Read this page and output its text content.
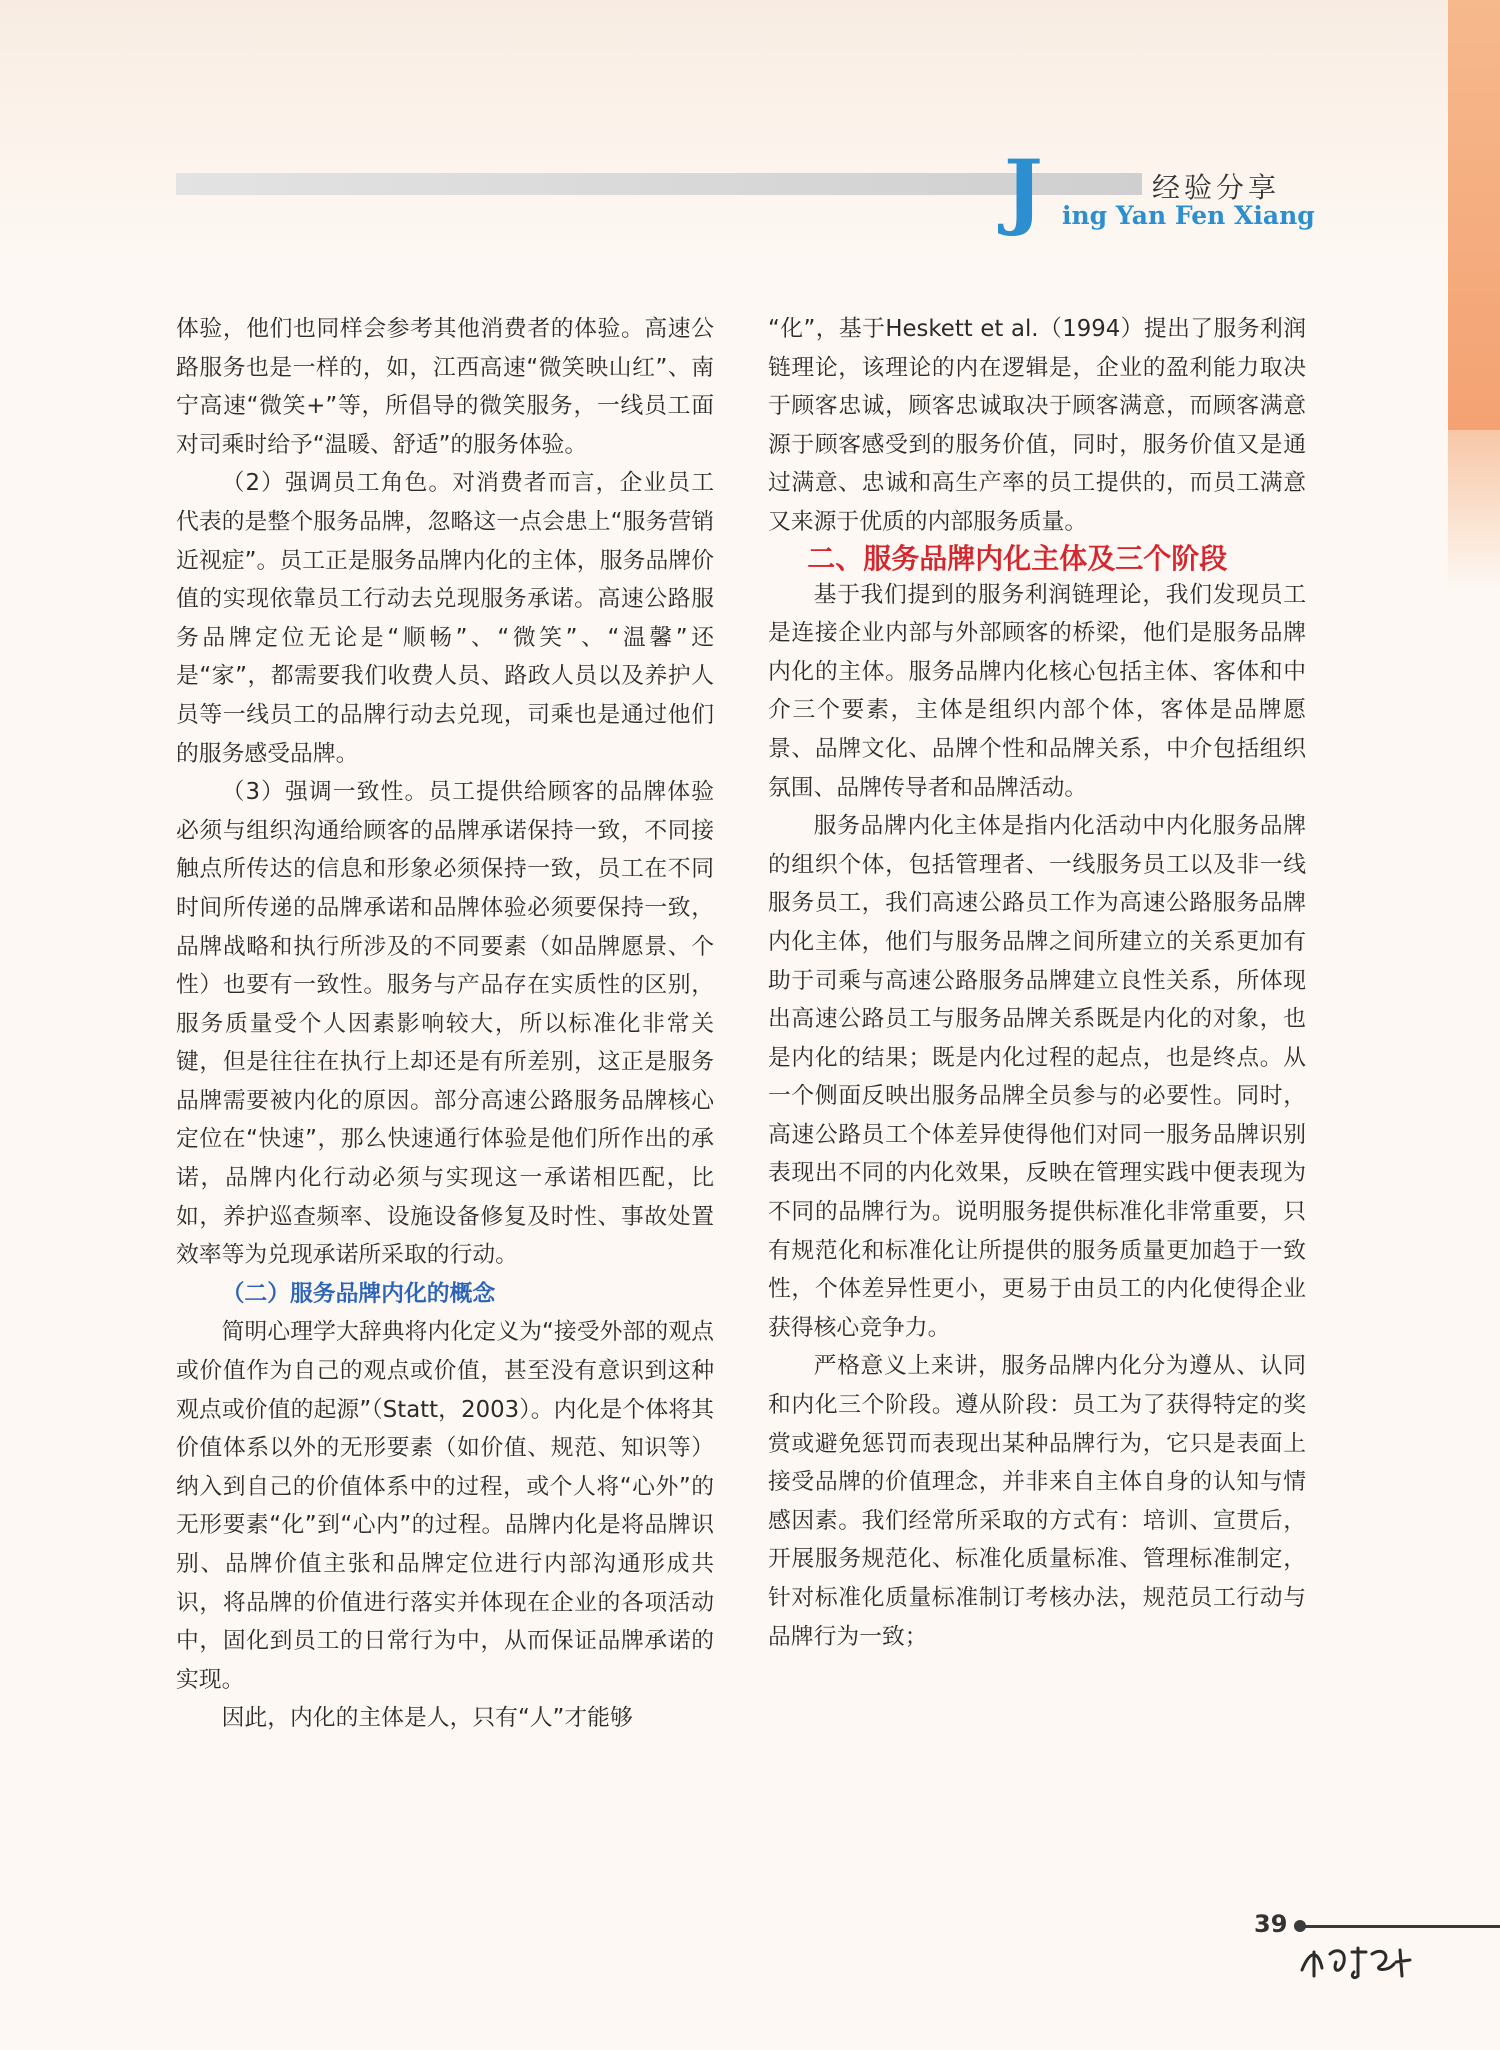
J	经验分享
ing Yan Fen Xiang

体验，他们也同样会参考其他消费者的体验。高速公路服务也是一样的，如，江西高速“微笑映山红”、南宁高速“微笑+”等，所倡导的微笑服务，一线员工面对司乘时给予“温暖、舒适”的服务体验。

（2）强调员工角色。对消费者而言，企业员工代表的是整个服务品牌，忽略这一点会患上“服务营销近视症”。员工正是服务品牌内化的主体，服务品牌价值的实现依靠员工行动去兑现服务承诺。高速公路服务品牌定位无论是“顺畅”、“微笑”、“温馨”还是“家”，都需要我们收费人员、路政人员以及养护人员等一线员工的品牌行动去兑现，司乘也是通过他们的服务感受品牌。

（3）强调一致性。员工提供给顾客的品牌体验必须与组织沟通给顾客的品牌承诺保持一致，不同接触点所传达的信息和形象必须保持一致，员工在不同时间所传递的品牌承诺和品牌体验必须要保持一致，品牌战略和执行所涉及的不同要素（如品牌愿景、个性）也要有一致性。服务与产品存在实质性的区别，服务质量受个人因素影响较大，所以标准化非常关键，但是往往在执行上却还是有所差别，这正是服务品牌需要被内化的原因。部分高速公路服务品牌核心定位在“快速”，那么快速通行体验是他们所作出的承诺，品牌内化行动必须与实现这一承诺相匹配，比如，养护巡查频率、设施设备修复及时性、事故处置效率等为兑现承诺所采取的行动。

（二）服务品牌内化的概念

简明心理学大辞典将内化定义为“接受外部的观点或价值作为自己的观点或价值，甚至没有意识到这种观点或价值的起源”（Statt，2003）。内化是个体将其价值体系以外的无形要素（如价值、规范、知识等）纳入到自己的价值体系中的过程，或个人将“心外”的无形要素“化”到“心内”的过程。品牌内化是将品牌识别、品牌价值主张和品牌定位进行内部沟通形成共识，将品牌的价值进行落实并体现在企业的各项活动中，固化到员工的日常行为中，从而保证品牌承诺的实现。

因此，内化的主体是人，只有“人”才能够

“化”，基于Heskett et al.（1994）提出了服务利润链理论，该理论的内在逻辑是，企业的盈利能力取决于顾客忠诚，顾客忠诚取决于顾客满意，而顾客满意源于顾客感受到的服务价值，同时，服务价值又是通过满意、忠诚和高生产率的员工提供的，而员工满意又来源于优质的内部服务质量。

二、服务品牌内化主体及三个阶段

基于我们提到的服务利润链理论，我们发现员工是连接企业内部与外部顾客的桥梁，他们是服务品牌内化的主体。服务品牌内化核心包括主体、客体和中介三个要素，主体是组织内部个体，客体是品牌愿景、品牌文化、品牌个性和品牌关系，中介包括组织氛围、品牌传导者和品牌活动。

服务品牌内化主体是指内化活动中内化服务品牌的组织个体，包括管理者、一线服务员工以及非一线服务员工，我们高速公路员工作为高速公路服务品牌内化主体，他们与服务品牌之间所建立的关系更加有助于司乘与高速公路服务品牌建立良性关系，所体现出高速公路员工与服务品牌关系既是内化的对象，也是内化的结果；既是内化过程的起点，也是终点。从一个侧面反映出服务品牌全员参与的必要性。同时，高速公路员工个体差异使得他们对同一服务品牌识别表现出不同的内化效果，反映在管理实践中便表现为不同的品牌行为。说明服务提供标准化非常重要，只有规范化和标准化让所提供的服务质量更加趋于一致性，个体差异性更小，更易于由员工的内化使得企业获得核心竞争力。

严格意义上来讲，服务品牌内化分为遵从、认同和内化三个阶段。遵从阶段：员工为了获得特定的奖赏或避免惩罚而表现出某种品牌行为，它只是表面上接受品牌的价值理念，并非来自主体自身的认知与情感因素。我们经常所采取的方式有：培训、宣贯后，开展服务规范化、标准化质量标准、管理标准制定，针对标准化质量标准制订考核办法，规范员工行动与品牌行为一致；

39
